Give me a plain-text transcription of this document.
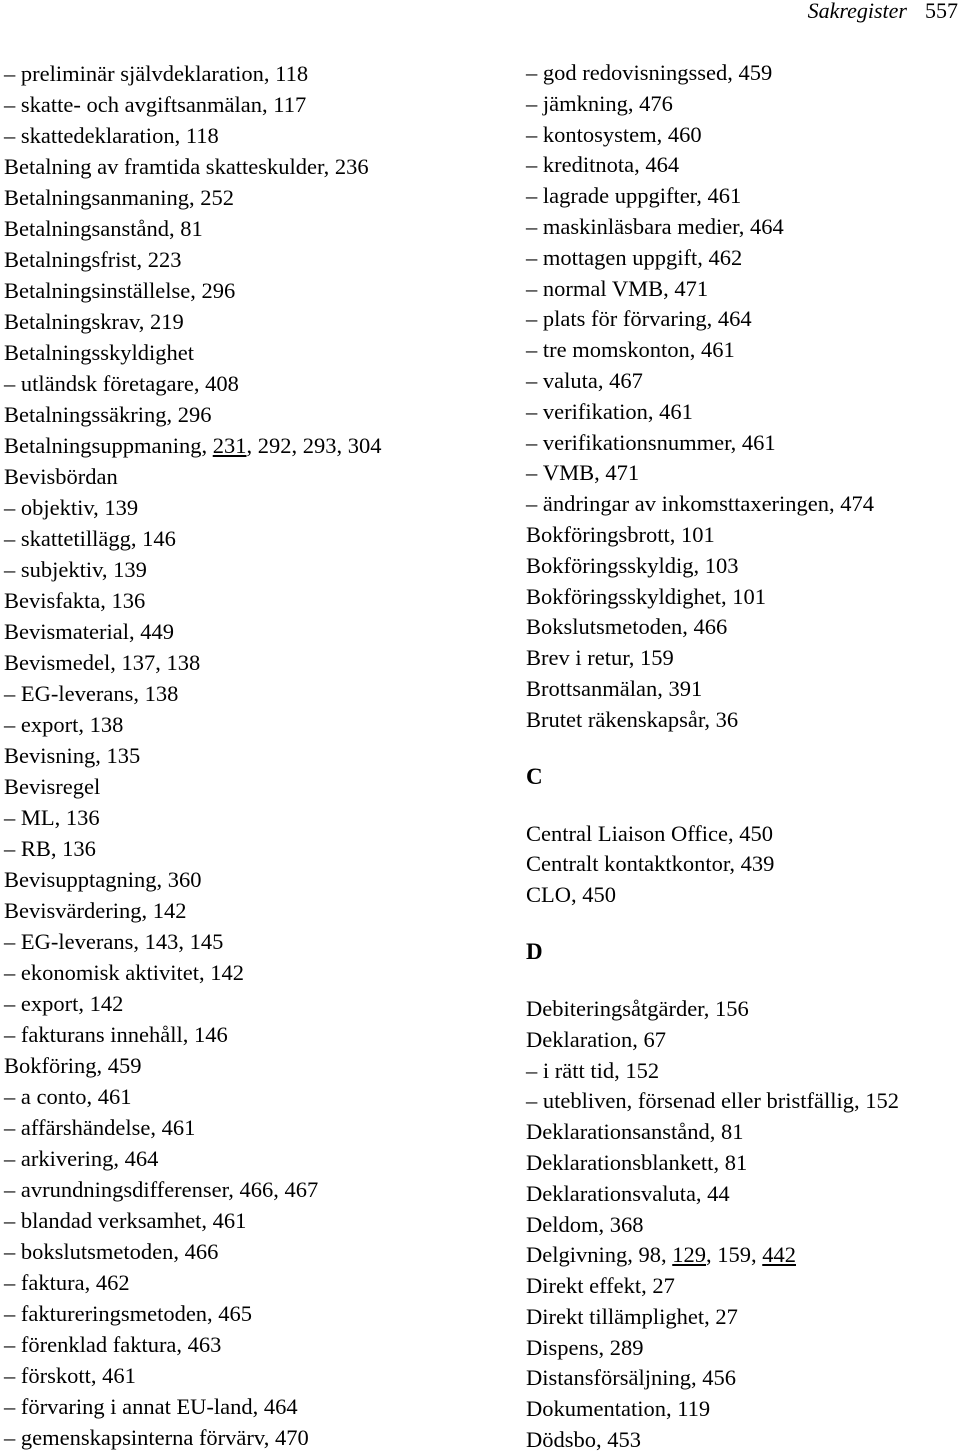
Sakregister 557
– preliminär självdeklaration, 118
– skatte- och avgiftsanmälan, 117
– skattedeklaration, 118
Betalning av framtida skatteskulder, 236
Betalningsanmaning, 252
Betalningsanstånd, 81
Betalningsfrist, 223
Betalningsinställelse, 296
Betalningskrav, 219
Betalningsskyldighet
– utländsk företagare, 408
Betalningssäkring, 296
Betalningsuppmaning, 231, 292, 293, 304
Bevisbördan
– objektiv, 139
– skattetillägg, 146
– subjektiv, 139
Bevisfakta, 136
Bevismaterial, 449
Bevismedel, 137, 138
– EG-leverans, 138
– export, 138
Bevisning, 135
Bevisregel
– ML, 136
– RB, 136
Bevisupptagning, 360
Bevisvärdering, 142
– EG-leverans, 143, 145
– ekonomisk aktivitet, 142
– export, 142
– fakturans innehåll, 146
Bokföring, 459
– a conto, 461
– affärshändelse, 461
– arkivering, 464
– avrundningsdifferenser, 466, 467
– blandad verksamhet, 461
– bokslutsmetoden, 466
– faktura, 462
– faktureringsmetoden, 465
– förenklad faktura, 463
– förskott, 461
– förvaring i annat EU-land, 464
– gemenskapsinterna förvärv, 470
– god redovisningssed, 459
– jämkning, 476
– kontosystem, 460
– kreditnota, 464
– lagrade uppgifter, 461
– maskinläsbara medier, 464
– mottagen uppgift, 462
– normal VMB, 471
– plats för förvaring, 464
– tre momskonton, 461
– valuta, 467
– verifikation, 461
– verifikationsnummer, 461
– VMB, 471
– ändringar av inkomsttaxeringen, 474
Bokföringsbrott, 101
Bokföringsskyldig, 103
Bokföringsskyldighet, 101
Bokslutsmetoden, 466
Brev i retur, 159
Brottsanmälan, 391
Brutet räkenskapsår, 36
C
Central Liaison Office, 450
Centralt kontaktkontor, 439
CLO, 450
D
Debiteringsåtgärder, 156
Deklaration, 67
– i rätt tid, 152
– utebliven, försenad eller bristfällig, 152
Deklarationsanstånd, 81
Deklarationsblankett, 81
Deklarationsvaluta, 44
Deldom, 368
Delgivning, 98, 129, 159, 442
Direkt effekt, 27
Direkt tillämplighet, 27
Dispens, 289
Distansförsäljning, 456
Dokumentation, 119
Dödsbo, 453
